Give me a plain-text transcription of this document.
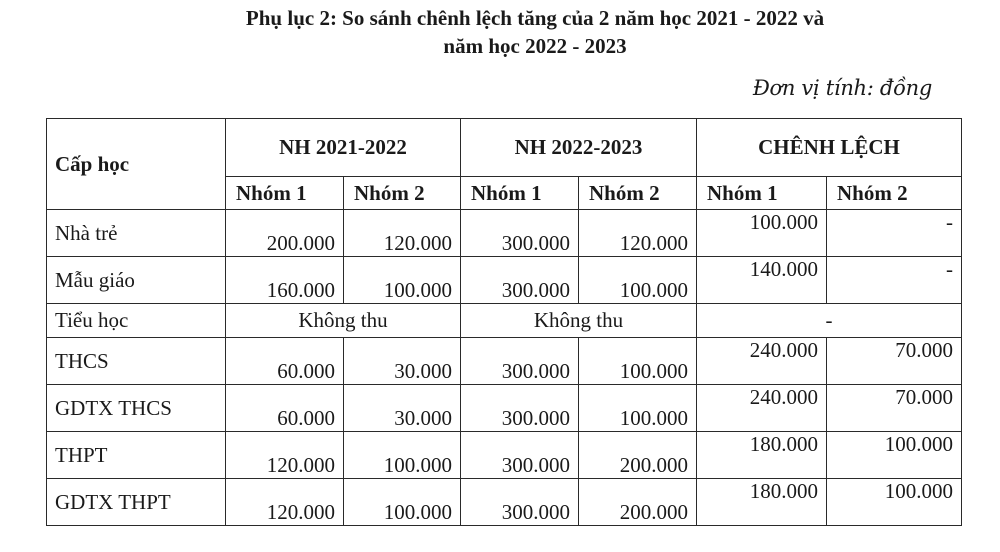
Phụ lục 2: So sánh chênh lệch tăng của 2 năm học 2021 - 2022 và
năm học 2022 - 2023
Đơn vị tính: đồng
Cấp học	NH 2021-2022		NH 2022-2023		CHÊNH LỆCH	
	Nhóm 1	Nhóm 2	Nhóm 1	Nhóm 2	Nhóm 1	Nhóm 2
Nhà trẻ	200.000	120.000	300.000	120.000	100.000	-
Mẫu giáo	160.000	100.000	300.000	100.000	140.000	-
Tiểu học	Không thu		Không thu		-	
THCS	60.000	30.000	300.000	100.000	240.000	70.000
GDTX THCS	60.000	30.000	300.000	100.000	240.000	70.000
THPT	120.000	100.000	300.000	200.000	180.000	100.000
GDTX THPT	120.000	100.000	300.000	200.000	180.000	100.000
